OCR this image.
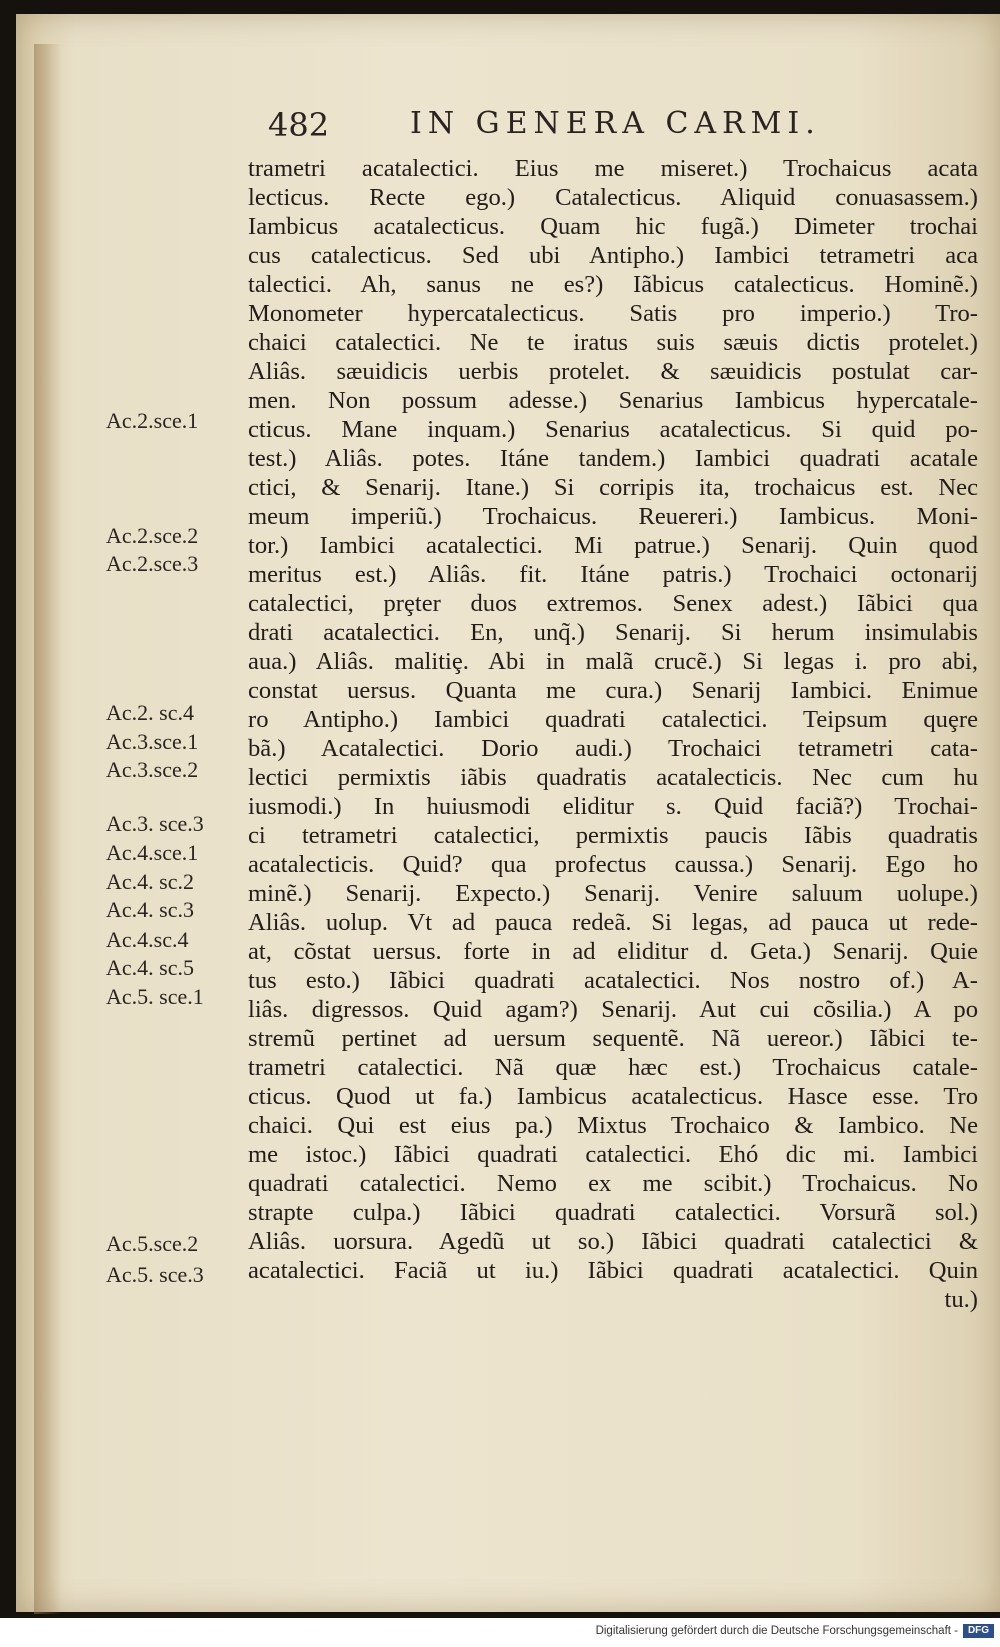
482	IN GENERA CARMI.
trametri acatalectici. Eius me miseret.) Trochaicus acata
lecticus. Recte ego.) Catalecticus. Aliquid conuasassem.)
Iambicus acatalecticus. Quam hic fugã.) Dimeter trochai
cus catalecticus. Sed ubi Antipho.) Iambici tetrametri aca
talectici. Ah, sanus ne es?) Iãbicus catalecticus. Hominẽ.)
Monometer hypercatalecticus. Satis pro imperio.) Tro-
chaici catalectici. Ne te iratus suis sæuis dictis protelet.)
Aliâs. sæuidicis uerbis protelet. & sæuidicis postulat car-
men. Non possum adesse.) Senarius Iambicus hypercatale-
cticus. Mane inquam.) Senarius acatalecticus. Si quid po-
test.) Aliâs. potes. Itáne tandem.) Iambici quadrati acatale
ctici, & Senarij. Itane.) Si corripis ita, trochaicus est. Nec
meum imperiũ.) Trochaicus. Reuereri.) Iambicus. Moni-
tor.) Iambici acatalectici. Mi patrue.) Senarij. Quin quod
meritus est.) Aliâs. fit. Itáne patris.) Trochaici octonarij
catalectici, prȩter duos extremos. Senex adest.) Iãbici qua
drati acatalectici. En, unq̃.) Senarij. Si herum insimulabis
aua.) Aliâs. malitiȩ. Abi in malã crucẽ.) Si legas i. pro abi,
constat uersus. Quanta me cura.) Senarij Iambici. Enimue
ro Antipho.) Iambici quadrati catalectici. Teipsum quȩre
bã.) Acatalectici. Dorio audi.) Trochaici tetrametri cata-
lectici permixtis iãbis quadratis acatalecticis. Nec cum hu
iusmodi.) In huiusmodi eliditur s. Quid faciã?) Trochai-
ci tetrametri catalectici, permixtis paucis Iãbis quadratis
acatalecticis. Quid? qua profectus caussa.) Senarij. Ego ho
minẽ.) Senarij. Expecto.) Senarij. Venire saluum uolupe.)
Aliâs. uolup. Vt ad pauca redeã. Si legas, ad pauca ut rede-
at, cõstat uersus. forte in ad eliditur d. Geta.) Senarij. Quie
tus esto.) Iãbici quadrati acatalectici. Nos nostro of.) A-
liâs. digressos. Quid agam?) Senarij. Aut cui cõsilia.) A po
stremũ pertinet ad uersum sequentẽ. Nã uereor.) Iãbici te-
trametri catalectici. Nã quæ hæc est.) Trochaicus catale-
cticus. Quod ut fa.) Iambicus acatalecticus. Hasce esse. Tro
chaici. Qui est eius pa.) Mixtus Trochaico & Iambico. Ne
me istoc.) Iãbici quadrati catalectici. Ehó dic mi. Iambici
quadrati catalectici. Nemo ex me scibit.) Trochaicus. No
strapte culpa.) Iãbici quadrati catalectici. Vorsurã sol.)
Aliâs. uorsura. Agedũ ut so.) Iãbici quadrati catalectici &
acatalectici. Faciã ut iu.) Iãbici quadrati acatalectici. Quin
tu.)
Ac.2.sce.1
Ac.2.sce.2
Ac.2.sce.3
Ac.2. sc.4
Ac.3.sce.1
Ac.3.sce.2
Ac.3. sce.3
Ac.4.sce.1
Ac.4. sc.2
Ac.4. sc.3
Ac.4.sc.4
Ac.4. sc.5
Ac.5. sce.1
Ac.5.sce.2
Ac.5. sce.3
Digitalisierung gefördert durch die Deutsche Forschungsgemeinschaft - DFG
